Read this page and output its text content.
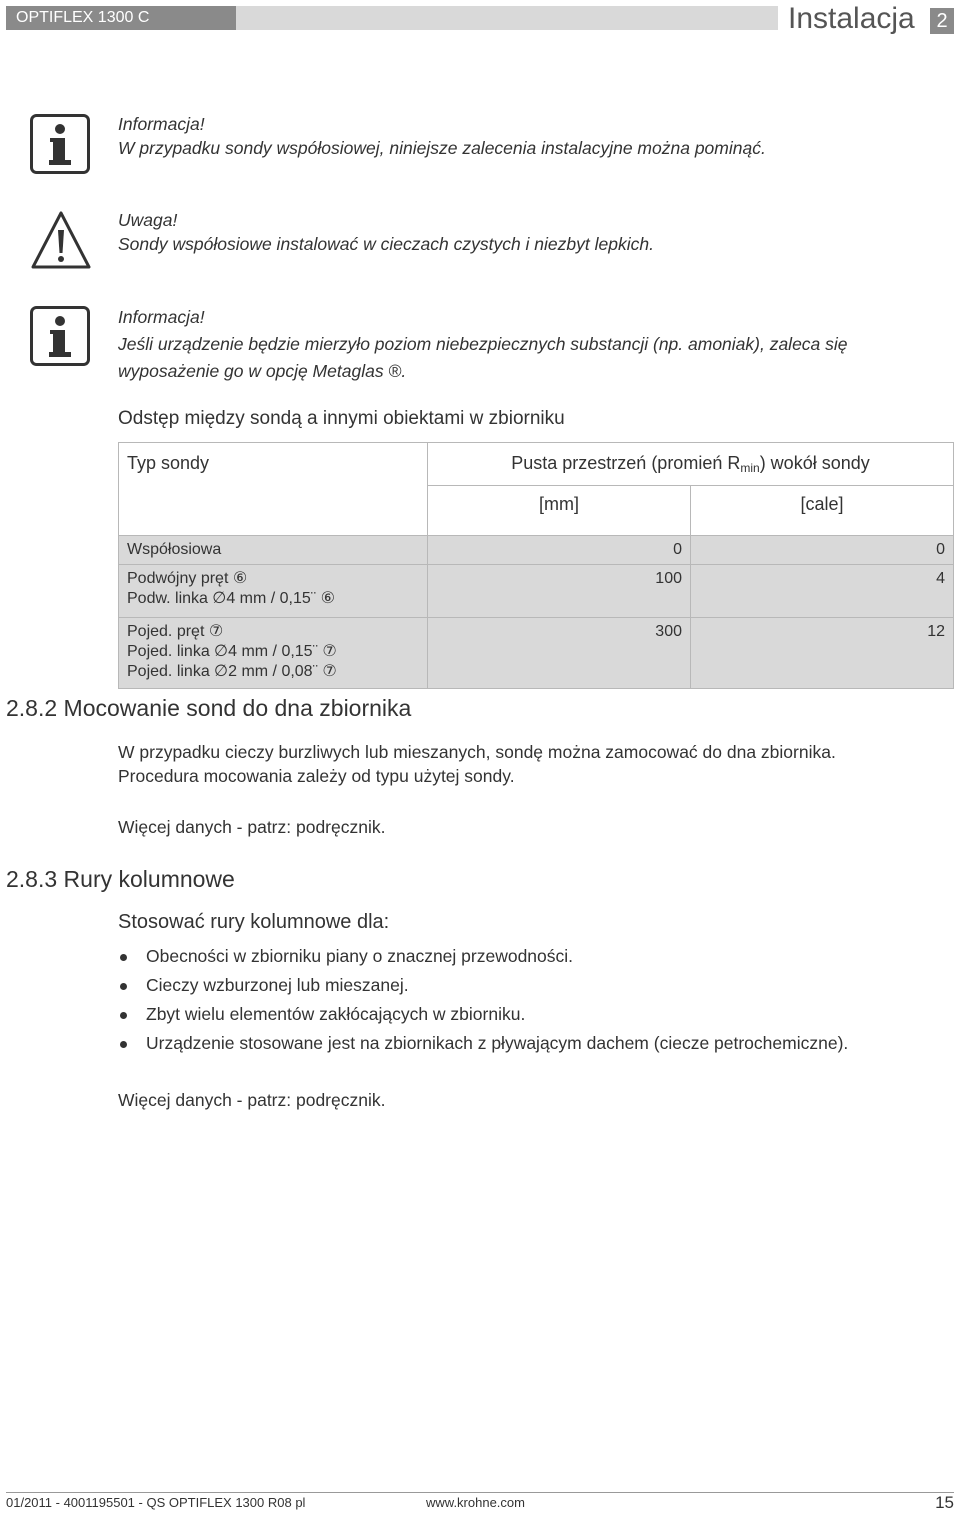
OPTIFLEX 1300 C	Instalacja	2
Informacja!
W przypadku sondy współosiowej, niniejsze zalecenia instalacyjne można pominąć.
Uwaga!
Sondy współosiowe instalować w cieczach czystych i niezbyt lepkich.
Informacja!
Jeśli urządzenie będzie mierzyło poziom niebezpiecznych substancji (np. amoniak), zaleca się
wyposażenie go w opcję Metaglas ®.
Odstęp między sondą a innymi obiektami w zbiorniku
Typ sondy	Pusta przestrzeń (promień $R_{min}$) wokół sondy	
	[mm]	[cale]
Współosiowa	0	0

Podwójny pręt ⑥
Podw. linka ∅4 mm / 0,15¨ ⑥	100	4

Pojed. pręt ⑦
Pojed. linka ∅4 mm / 0,15¨ ⑦
Pojed. linka ∅2 mm / 0,08¨ ⑦	300	12
2.8.2 Mocowanie sond do dna zbiornika
W przypadku cieczy burzliwych lub mieszanych, sondę można zamocować do dna zbiornika.
Procedura mocowania zależy od typu użytej sondy.
Więcej danych - patrz: podręcznik.
2.8.3 Rury kolumnowe
Stosować rury kolumnowe dla:
Obecności w zbiorniku piany o znacznej przewodności.
Cieczy wzburzonej lub mieszanej.
Zbyt wielu elementów zakłócających w zbiorniku.
Urządzenie stosowane jest na zbiornikach z pływającym dachem (ciecze petrochemiczne).
Więcej danych - patrz: podręcznik.
01/2011 - 4001195501 - QS OPTIFLEX 1300 R08 pl	www.krohne.com	15
